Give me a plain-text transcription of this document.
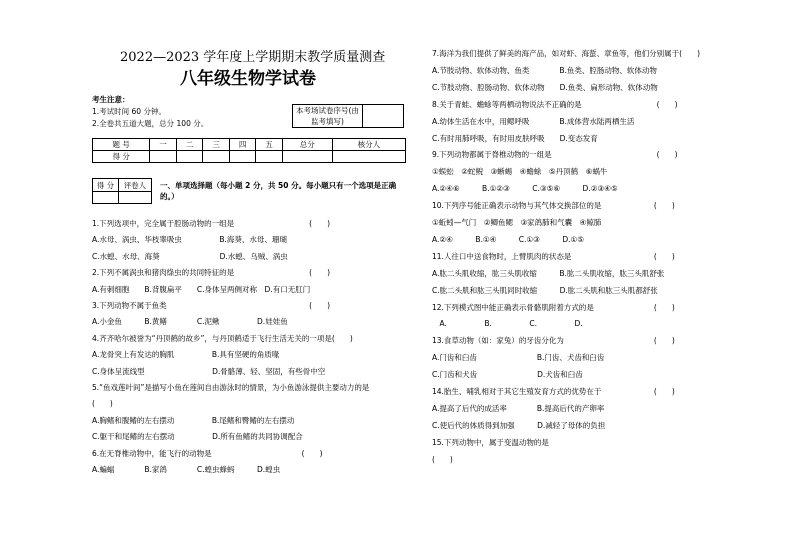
2022—2023 学年度上学期期末教学质量测查
八年级生物学试卷
考生注意：
1.考试时间 60 分钟。
2.全卷共五道大题，总分 100 分。
本考场试卷序号(由监考填写)	
题 号	一	二	三	四	五	总分	核分人
得 分							
得 分	评卷人
	一、单项选择题（每小题 2 分，共 50 分。每小题只有一个选项是正确的。）
1.下列选项中，完全属于腔肠动物的一组是　　　　　　　　　　(　　)
A.水母、涡虫、华枝睾吸虫　　　　　B.海葵、水母、珊瑚
C.水螅、水母、海葵　　　　　　　　D.水螅、乌贼、涡虫
2.下列不属涡虫和猪肉绦虫的共同特征的是　　　　　　　　　　(　　)
A.有刺细胞　　B.背腹扁平　　C.身体呈两侧对称　D.有口无肛门
3.下列动物不属于鱼类　　　　　　　　　　　　　　　　　　　(　　)
A.小金鱼　　　B.黄鳝　　　　C.泥鳅　　　　　D.娃娃鱼
4.齐齐哈尔被誉为“丹顶鹤的故乡”，与丹顶鹤适于飞行生活无关的一项是(　　)
A.龙骨突上有发达的胸肌　　　　　B.具有坚硬的角质喙
C.身体呈流线型　　　　　　　　　D.骨骼薄、轻、坚固，有些骨中空
5.“鱼戏莲叶间”是描写小鱼在莲间自由游泳时的情景，为小鱼游泳提供主要动力的是
(　　)
A.胸鳍和腹鳍的左右摆动　　　　　B.尾鳍和臀鳍的左右摆动
C.躯干和尾鳍的左右摆动　　　　　D.所有鱼鳍的共同协调配合
6.在无脊椎动物中，能飞行的动物是　　　　　　　　　　　　(　　)
A.蝙蝠　　　　B.家鸽　　　　C.蝗虫蜂蚂　　　D.蝗虫
7.海洋为我们提供了鲜美的海产品，如对虾、海蜇、章鱼等，他们分别属于(　　)
A.节肢动物、软体动物、鱼类　　　　B.鱼类、腔肠动物、软体动物
C.节肢动物、腔肠动物、软体动物　　D.鱼类、扁形动物、软体动物
8.关于青蛙、蟾蜍等两栖动物说法不正确的是　　　　　　　　　　(　　)
A.幼体生活在水中，用鳃呼吸　　　　B.成体营水陆两栖生活
C.有时用肺呼吸，有时用皮肤呼吸　　D.变态发育
9.下列动物都属于脊椎动物的一组是　　　　　　　　　　　　　　(　　)
①蜈蚣　②蛇鲵　③蜥蜴　④蟾蜍　⑤丹顶鹤　⑥蜗牛
A.②④⑥　　　B.①②③　　　C.③⑤⑥　　　D.②③④⑤
10.下列序号能正确表示动物与其气体交换部位的是　　　　　　　(　　)
①蚯蚓—气门　②鲫鱼鳃　③家鸽肺和气囊　④鲸肺
A.②④　　　B.①④　　　C.①③　　　D.①⑤
11.人往口中送食物时，上臂肌肉的状态是　　　　　　　　　　　(　　)
A.肱二头肌收缩，肱三头肌收缩　　　B.肱二头肌收缩，肱三头肌舒张
C.肱二头肌和肱三头肌同时收缩　　　D.肱二头肌和肱三头肌都舒张
12.下列模式图中能正确表示骨骼肌附着方式的是　　　　　　　　(　　)
　A.　　　　　B.　　　　　C.　　　　　D.
13.食草动物（如：家兔）的牙齿分化为　　　　　　　　　　　　(　　)
A.门齿和臼齿　　　　　　　　B.门齿、犬齿和臼齿
C.门齿和犬齿　　　　　　　　D.犬齿和臼齿
14.胎生、哺乳相对于其它生殖发育方式的优势在于　　　　　　　(　　)
A.提高了后代的成活率　　　　B.提高后代的产卵率
C.使后代的体质得到加强　　　D.减轻了母体的负担
15.下列动物中，属于变温动物的是
(　　)
